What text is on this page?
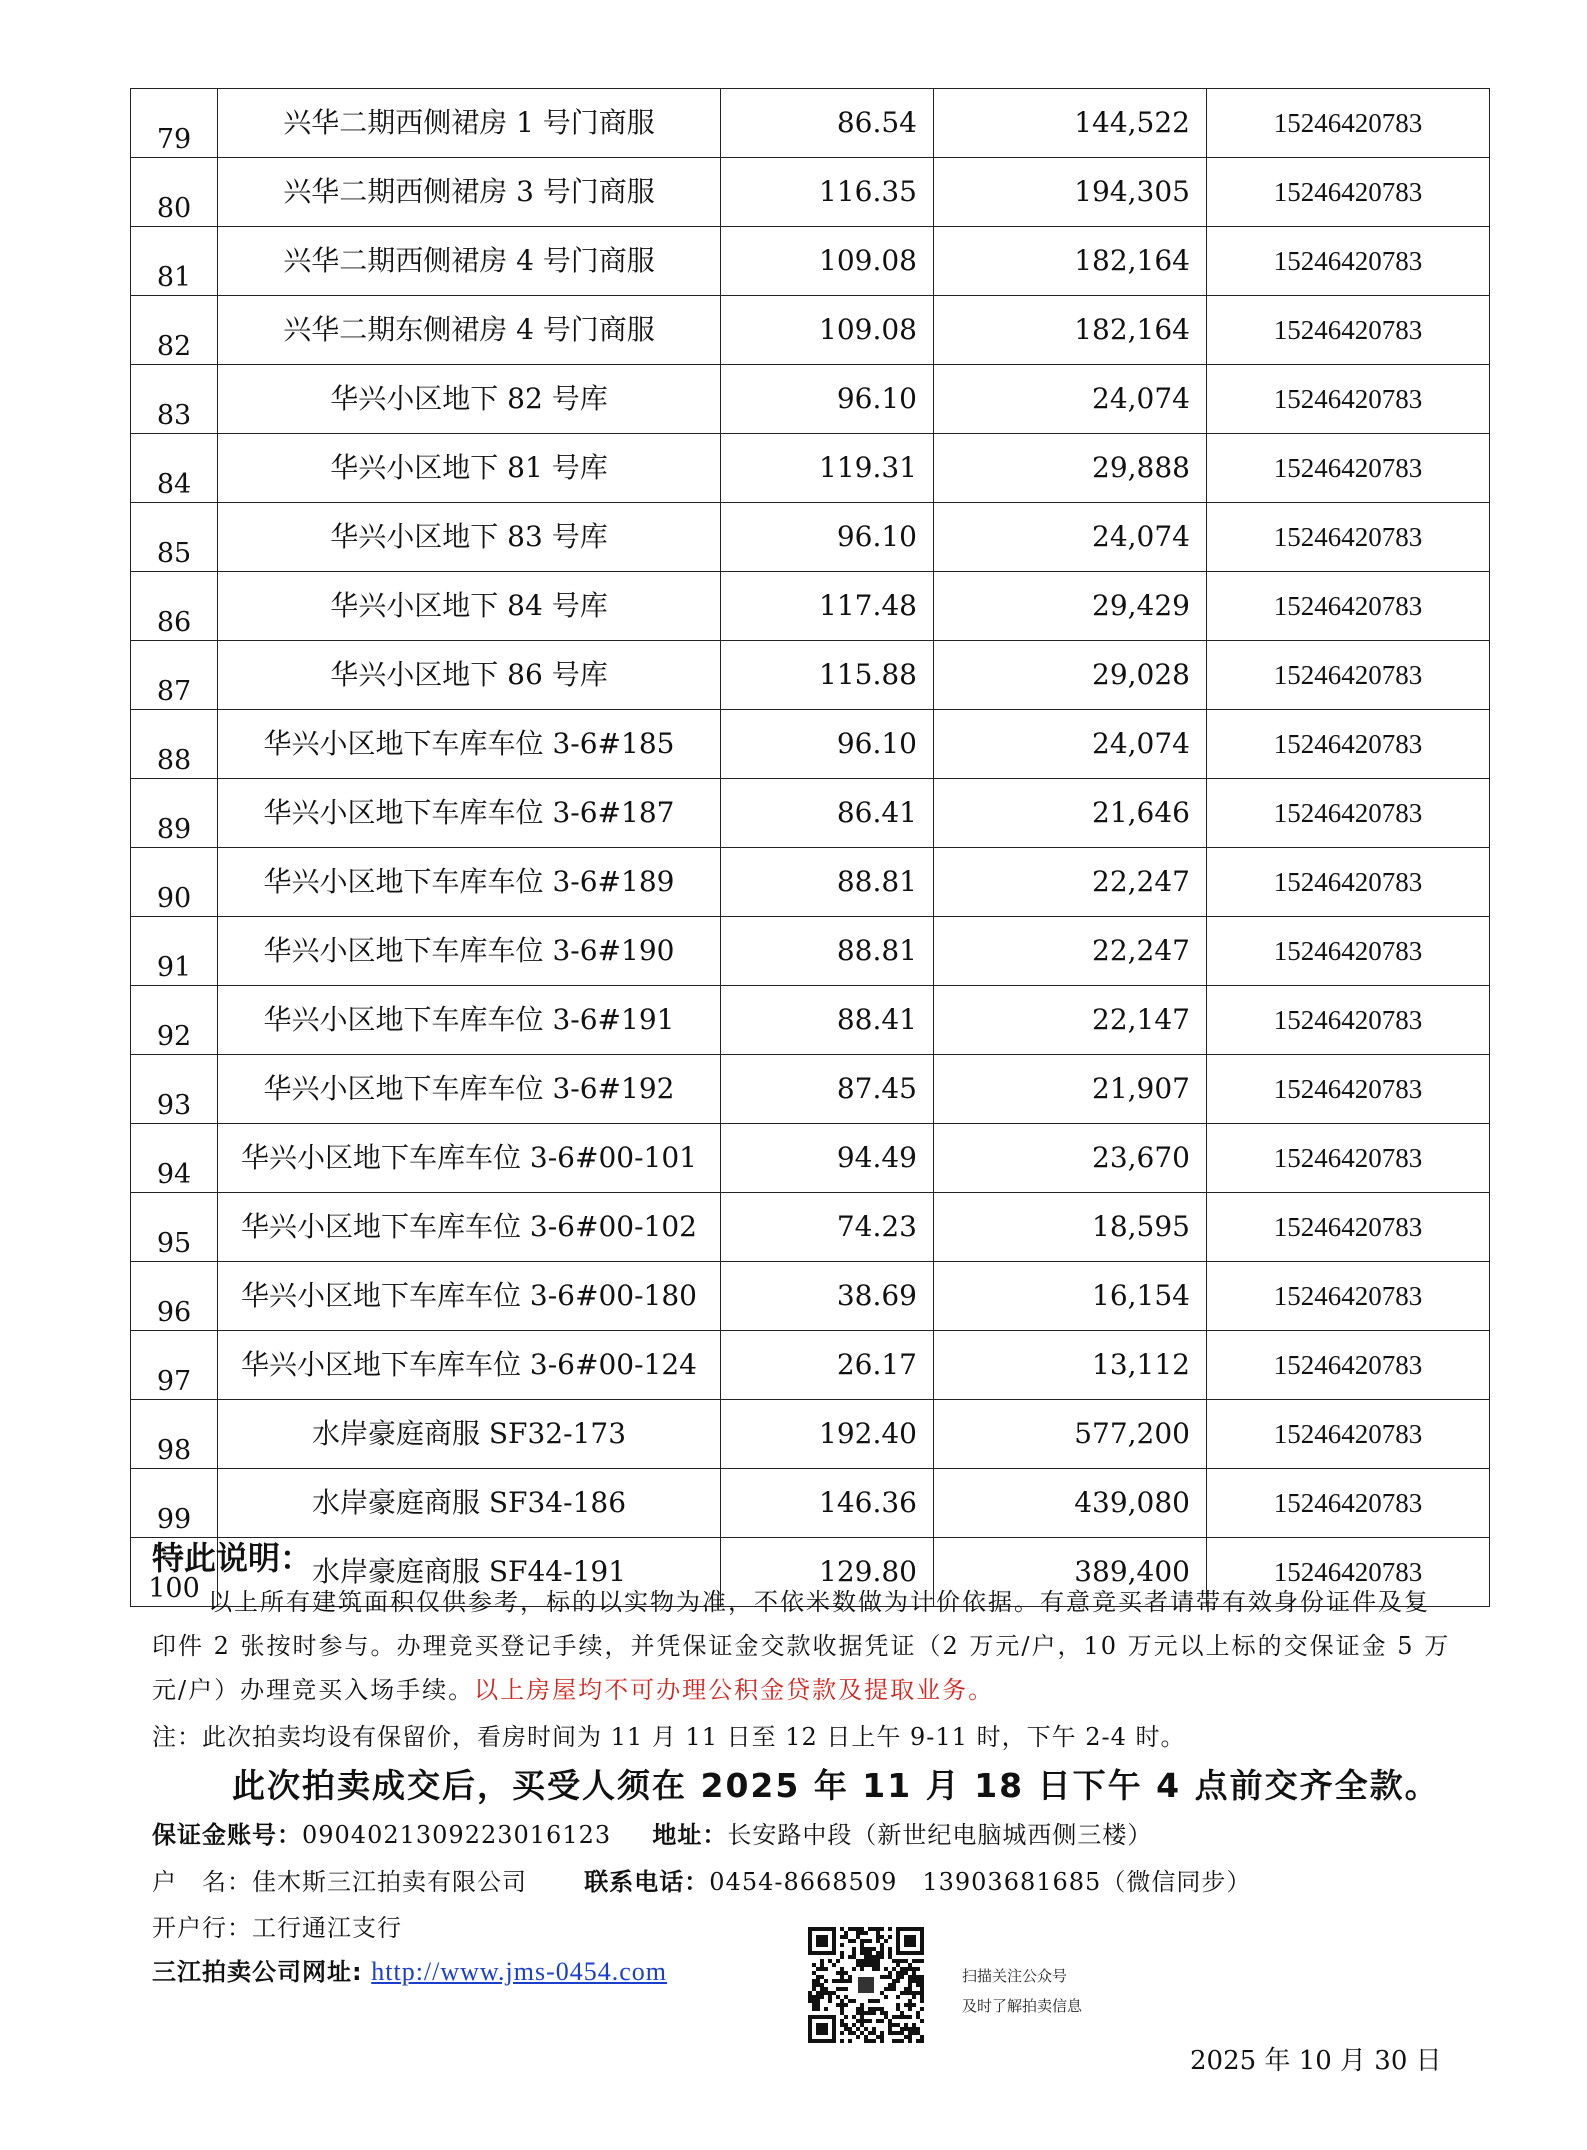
79	兴华二期西侧裙房 1 号门商服	86.54	144,522	15246420783
80	兴华二期西侧裙房 3 号门商服	116.35	194,305	15246420783
81	兴华二期西侧裙房 4 号门商服	109.08	182,164	15246420783
82	兴华二期东侧裙房 4 号门商服	109.08	182,164	15246420783
83	华兴小区地下 82 号库	96.10	24,074	15246420783
84	华兴小区地下 81 号库	119.31	29,888	15246420783
85	华兴小区地下 83 号库	96.10	24,074	15246420783
86	华兴小区地下 84 号库	117.48	29,429	15246420783
87	华兴小区地下 86 号库	115.88	29,028	15246420783
88	华兴小区地下车库车位 3-6#185	96.10	24,074	15246420783
89	华兴小区地下车库车位 3-6#187	86.41	21,646	15246420783
90	华兴小区地下车库车位 3-6#189	88.81	22,247	15246420783
91	华兴小区地下车库车位 3-6#190	88.81	22,247	15246420783
92	华兴小区地下车库车位 3-6#191	88.41	22,147	15246420783
93	华兴小区地下车库车位 3-6#192	87.45	21,907	15246420783
94	华兴小区地下车库车位 3-6#00-101	94.49	23,670	15246420783
95	华兴小区地下车库车位 3-6#00-102	74.23	18,595	15246420783
96	华兴小区地下车库车位 3-6#00-180	38.69	16,154	15246420783
97	华兴小区地下车库车位 3-6#00-124	26.17	13,112	15246420783
98	水岸豪庭商服 SF32-173	192.40	577,200	15246420783
99	水岸豪庭商服 SF34-186	146.36	439,080	15246420783
100	水岸豪庭商服 SF44-191	129.80	389,400	15246420783
特此说明：
以上所有建筑面积仅供参考，标的以实物为准，不依米数做为计价依据。有意竞买者请带有效身份证件及复印件 2 张按时参与。办理竞买登记手续，并凭保证金交款收据凭证（2 万元/户，10 万元以上标的交保证金 5 万元/户）办理竞买入场手续。以上房屋均不可办理公积金贷款及提取业务。
注：此次拍卖均设有保留价，看房时间为 11 月 11 日至 12 日上午 9-11 时，下午 2-4 时。
此次拍卖成交后，买受人须在 2025 年 11 月 18 日下午 4 点前交齐全款。
保证金账号：0904021309223016123 地址：长安路中段（新世纪电脑城西侧三楼）
户　名：佳木斯三江拍卖有限公司 联系电话：0454-8668509　13903681685（微信同步）
开户行：工行通江支行
三江拍卖公司网址: http://www.jms-0454.com	扫描关注公众号
及时了解拍卖信息
2025 年 10 月 30 日
